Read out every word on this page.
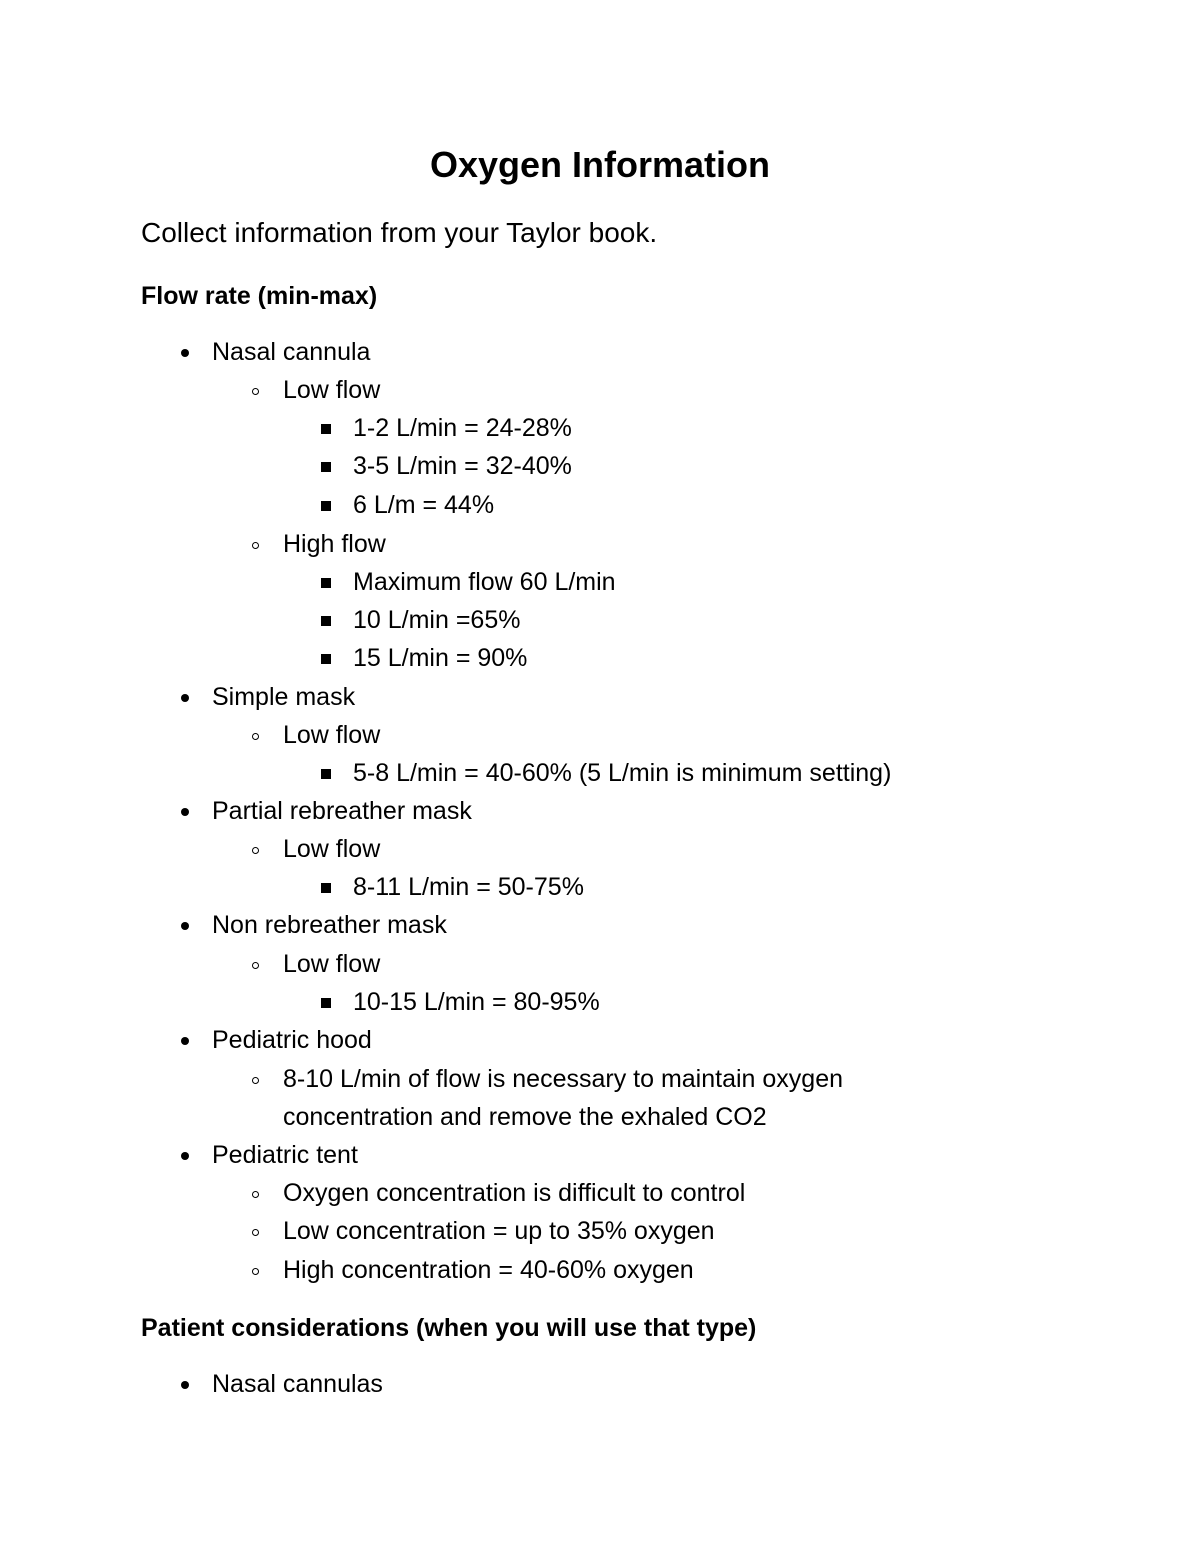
Oxygen Information
Collect information from your Taylor book.
Flow rate (min-max)
Nasal cannula
Low flow
1-2 L/min = 24-28%
3-5 L/min = 32-40%
6 L/m = 44%
High flow
Maximum flow 60 L/min
10 L/min =65%
15 L/min = 90%
Simple mask
Low flow
5-8 L/min = 40-60% (5 L/min is minimum setting)
Partial rebreather mask
Low flow
8-11 L/min = 50-75%
Non rebreather mask
Low flow
10-15 L/min = 80-95%
Pediatric hood
8-10 L/min of flow is necessary to maintain oxygen
concentration and remove the exhaled CO2
Pediatric tent
Oxygen concentration is difficult to control
Low concentration = up to 35% oxygen
High concentration = 40-60% oxygen
Patient considerations (when you will use that type)
Nasal cannulas
